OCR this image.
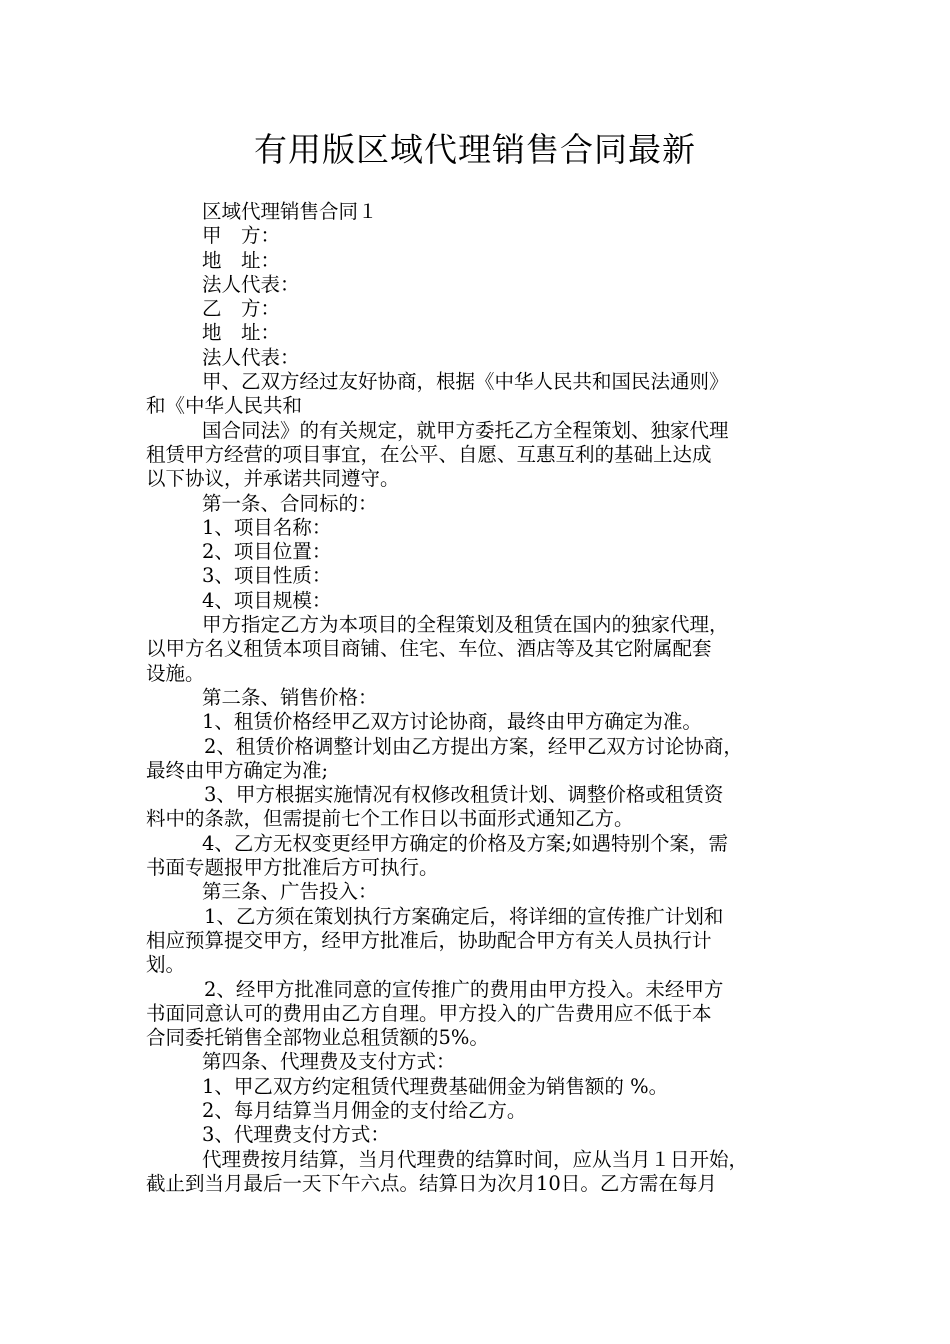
有用版区域代理销售合同最新

区域代理销售合同１

甲　方：

地　址：

法人代表：

乙　方：

地　址：

法人代表：

甲、乙双方经过友好协商，根据《中华人民共和国民法通则》

和《中华人民共和

国合同法》的有关规定，就甲方委托乙方全程策划、独家代理

租赁甲方经营的项目事宜，在公平、自愿、互惠互利的基础上达成

以下协议，并承诺共同遵守。

第一条、合同标的：

1、项目名称：

2、项目位置：

3、项目性质：

4、项目规模：

甲方指定乙方为本项目的全程策划及租赁在国内的独家代理，

以甲方名义租赁本项目商铺、住宅、车位、酒店等及其它附属配套

设施。

第二条、销售价格：

1、租赁价格经甲乙双方讨论协商，最终由甲方确定为准。

2、租赁价格调整计划由乙方提出方案，经甲乙双方讨论协商，

最终由甲方确定为准;

3、甲方根据实施情况有权修改租赁计划、调整价格或租赁资

料中的条款，但需提前七个工作日以书面形式通知乙方。

4、乙方无权变更经甲方确定的价格及方案;如遇特别个案，需

书面专题报甲方批准后方可执行。

第三条、广告投入：

1、乙方须在策划执行方案确定后，将详细的宣传推广计划和

相应预算提交甲方，经甲方批准后，协助配合甲方有关人员执行计

划。

2、经甲方批准同意的宣传推广的费用由甲方投入。未经甲方

书面同意认可的费用由乙方自理。甲方投入的广告费用应不低于本

合同委托销售全部物业总租赁额的5%。

第四条、代理费及支付方式：

1、甲乙双方约定租赁代理费基础佣金为销售额的 %。

2、每月结算当月佣金的支付给乙方。

3、代理费支付方式：

代理费按月结算，当月代理费的结算时间，应从当月１日开始，

截止到当月最后一天下午六点。结算日为次月10日。乙方需在每月
